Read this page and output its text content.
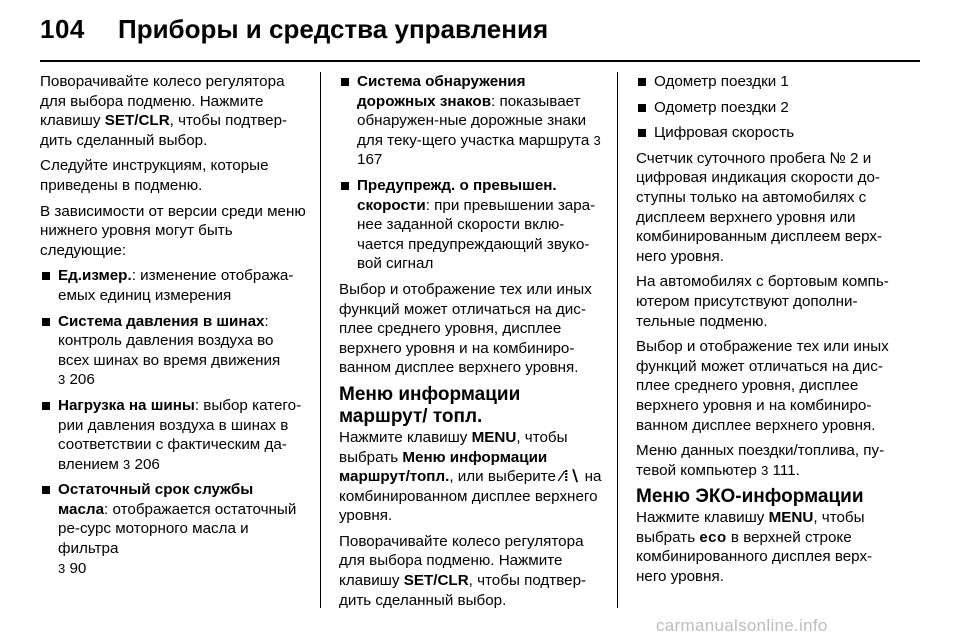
104 Приборы и средства управления

Поворачивайте колесо регулятора для выбора подменю. Нажмите клавишу SET/CLR, чтобы подтвер-дить сделанный выбор.

Следуйте инструкциям, которые приведены в подменю.

В зависимости от версии среди меню нижнего уровня могут быть следующие:

Ед.измер.: изменение отобража-емых единиц измерения
Система давления в шинах: контроль давления воздуха во всех шинах во время движения
3 206
Нагрузка на шины: выбор катего-рии давления воздуха в шинах в соответствии с фактическим да-влением 3 206
Остаточный срок службы масла: отображается остаточный ре-сурс моторного масла и фильтра
3 90
Система обнаружения дорожных знаков: показывает обнаружен-ные дорожные знаки для теку-щего участка маршрута 3 167
Предупрежд. о превышен. скорости: при превышении зара-нее заданной скорости вклю-чается предупреждающий звуко-вой сигнал

Выбор и отображение тех или иных функций может отличаться на дис-плее среднего уровня, дисплее верхнего уровня и на комбиниро-ванном дисплее верхнего уровня.

Меню информации маршрут/ топл.

Нажмите клавишу MENU, чтобы выбрать Меню информации маршрут/топл., или выберите ⁄⁞∖ на комбинированном дисплее верхнего уровня.

Поворачивайте колесо регулятора для выбора подменю. Нажмите клавишу SET/CLR, чтобы подтвер-дить сделанный выбор.

Одометр поездки 1
Одометр поездки 2
Цифровая скорость

Счетчик суточного пробега № 2 и цифровая индикация скорости до-ступны только на автомобилях с дисплеем верхнего уровня или комбинированным дисплеем верх-него уровня.

На автомобилях с бортовым компь-ютером присутствуют дополни-тельные подменю.

Выбор и отображение тех или иных функций может отличаться на дис-плее среднего уровня, дисплее верхнего уровня и на комбиниро-ванном дисплее верхнего уровня.

Меню данных поездки/топлива, пу-тевой компьютер 3 111.

Меню ЭКО-информации

Нажмите клавишу MENU, чтобы выбрать eco в верхней строке комбинированного дисплея верх-него уровня.

carmanualsonline.info
